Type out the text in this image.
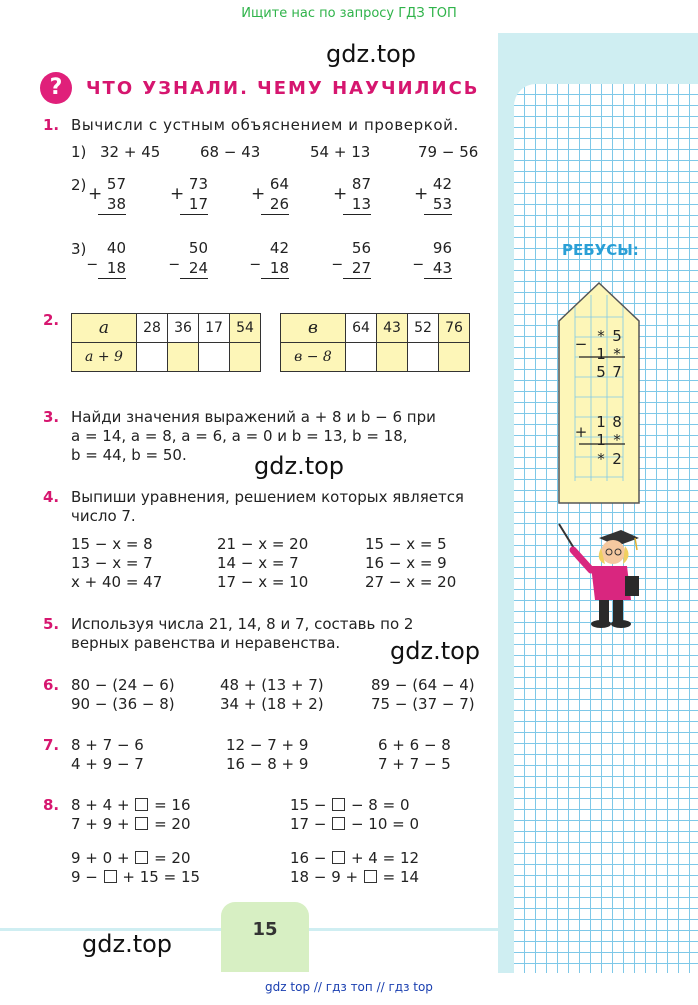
Ищите нас по запросу ГДЗ ТОП
gdz.top
gdz.top
gdz.top
gdz.top
?	ЧТО УЗНАЛИ. ЧЕМУ НАУЧИЛИСЬ
1. Вычисли с устным объяснением и проверкой.
1) 32 + 45	68 − 43	54 + 13	79 − 56
2) + 57
38	+ 73
17	+ 64
26	+ 87
13	+ 42
53
3) _ 40
18
_ 50
24
_ 42
18
_ 56
27
_ 96
43
2. a	28	36	17	54
a + 9				
в	64	43	52	76
в − 8				
3. Найди значения выражений a + 8 и b − 6 при
a = 14, a = 8, a = 6, a = 0 и b = 13, b = 18,
b = 44, b = 50.
4. Выпиши уравнения, решением которых является
число 7.
15 − x = 8	21 − x = 20	15 − x = 5
13 − x = 7	14 − x = 7	16 − x = 9
x + 40 = 47	17 − x = 10	27 − x = 20
5. Используя числа 21, 14, 8 и 7, составь по 2
верных равенства и неравенства.
6. 80 − (24 − 6)	48 + (13 + 7)	89 − (64 − 4)
90 − (36 − 8)	34 + (18 + 2)	75 − (37 − 7)
7. 8 + 7 − 6	12 − 7 + 9	6 + 6 − 8
4 + 9 − 7	16 − 8 + 9	7 + 7 − 5
8. 8 + 4 +  = 16
7 + 9 +  = 20
9 + 0 +  = 20
9 −  + 15 = 15
15 −  − 8 = 0
17 −  − 10 = 0
16 −  + 4 = 12
18 − 9 +  = 14
РЕБУСЫ:
− * 5
1 *
5 7
+
1 8
1 *
* 2
15
gdz top // гдз топ // гдз top
